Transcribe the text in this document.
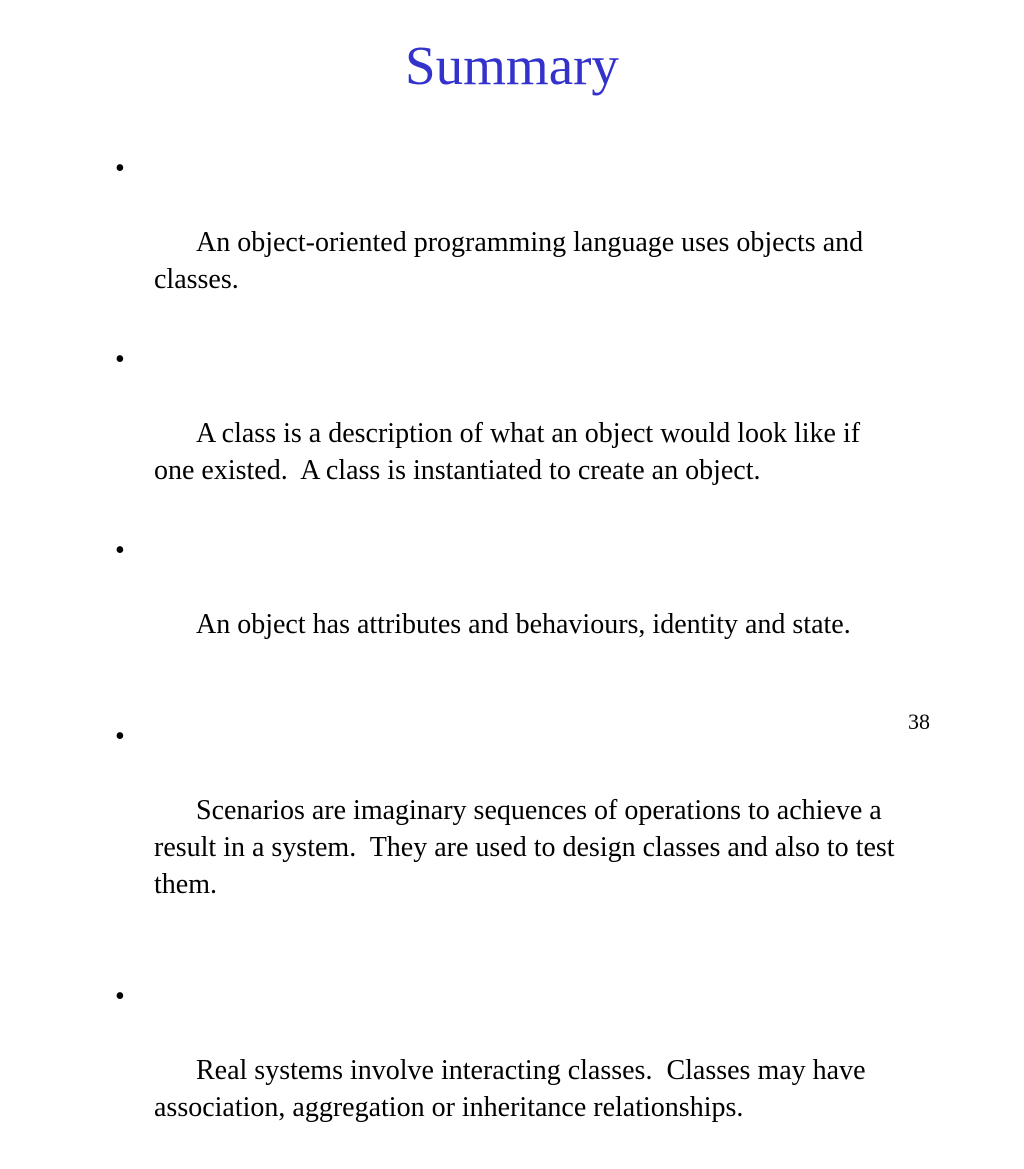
Summary

•

An object-oriented programming language uses objects and classes.

•

A class is a description of what an object would look like if one existed.  A class is instantiated to create an object.

•

An object has attributes and behaviours, identity and state.

•

Scenarios are imaginary sequences of operations to achieve a result in a system.  They are used to design classes and also to test them.

•

Real systems involve interacting classes.  Classes may have association, aggregation or inheritance relationships.

38
